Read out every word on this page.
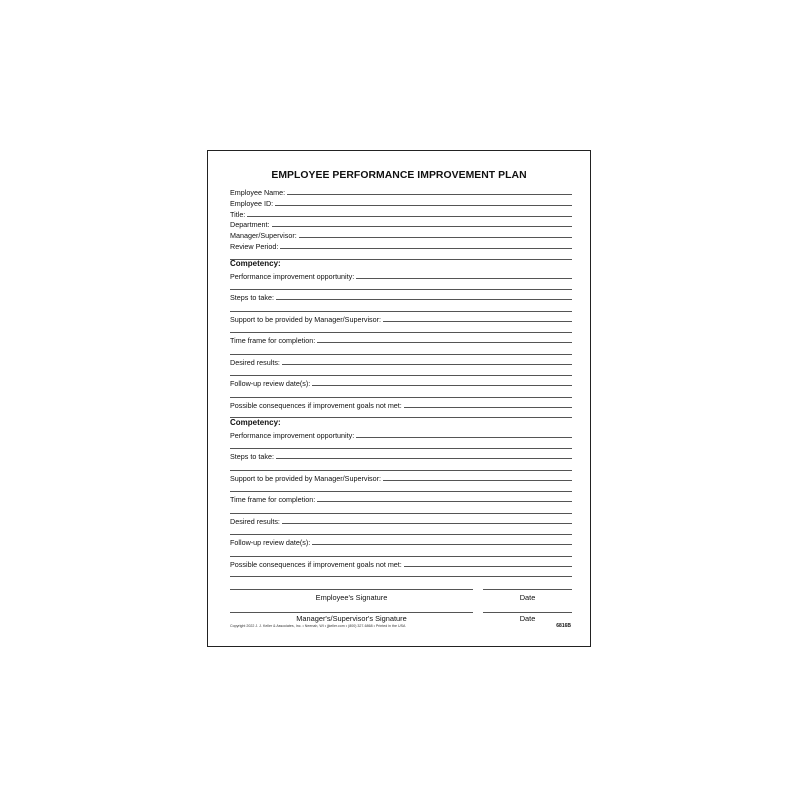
EMPLOYEE PERFORMANCE IMPROVEMENT PLAN
Employee Name:
Employee ID:
Title:
Department:
Manager/Supervisor:
Review Period:
Competency:
Performance improvement opportunity:
Steps to take:
Support to be provided by Manager/Supervisor:
Time frame for completion:
Desired results:
Follow-up review date(s):
Possible consequences if improvement goals not met:
Competency:
Performance improvement opportunity:
Steps to take:
Support to be provided by Manager/Supervisor:
Time frame for completion:
Desired results:
Follow-up review date(s):
Possible consequences if improvement goals not met:
Employee's Signature	Date
Manager's/Supervisor's Signature	Date
Copyright 2022 J. J. Keller & Associates, Inc. • Neenah, WI • jjkeller.com • (800) 327-6868 • Printed in the USA	6816B
